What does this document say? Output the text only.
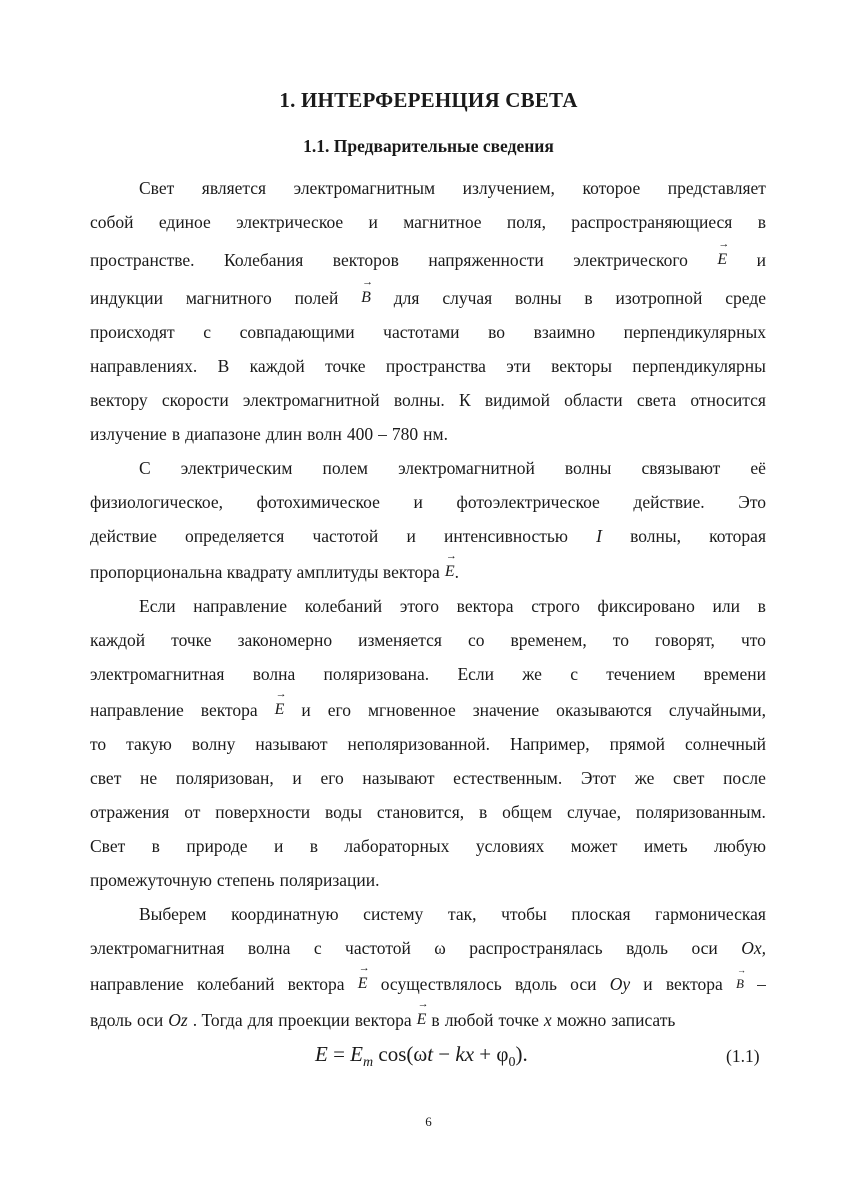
1. ИНТЕРФЕРЕНЦИЯ СВЕТА
1.1. Предварительные сведения
Свет является электромагнитным излучением, которое представляет
собой единое электрическое и магнитное поля, распространяющиеся в
пространстве. Колебания векторов напряженности электрического → E и
индукции магнитного полей → B для случая волны в изотропной среде
происходят с совпадающими частотами во взаимно перпендикулярных
направлениях. В каждой точке пространства эти векторы перпендикулярны
вектору скорости электромагнитной волны. К видимой области света относится
излучение в диапазоне длин волн 400 – 780 нм.
С электрическим полем электромагнитной волны связывают её
физиологическое, фотохимическое и фотоэлектрическое действие. Это
действие определяется частотой и интенсивностью I волны, которая
пропорциональна квадрату амплитуды вектора → E .
Если направление колебаний этого вектора строго фиксировано или в
каждой точке закономерно изменяется со временем, то говорят, что
электромагнитная волна поляризована. Если же с течением времени
направление вектора → E и его мгновенное значение оказываются случайными,
то такую волну называют неполяризованной. Например, прямой солнечный
свет не поляризован, и его называют естественным. Этот же свет после
отражения от поверхности воды становится, в общем случае, поляризованным.
Свет в природе и в лабораторных условиях может иметь любую
промежуточную степень поляризации.
Выберем координатную систему так, чтобы плоская гармоническая
электромагнитная волна с частотой ω распространялась вдоль оси Ox,
направление колебаний вектора → E осуществлялось вдоль оси Oy и вектора → B –
вдоль оси Oz . Тогда для проекции вектора → E в любой точке x можно записать
$E = E_m$ cos(ωt − kx + $\varphi_0$).	(1.1)
6
